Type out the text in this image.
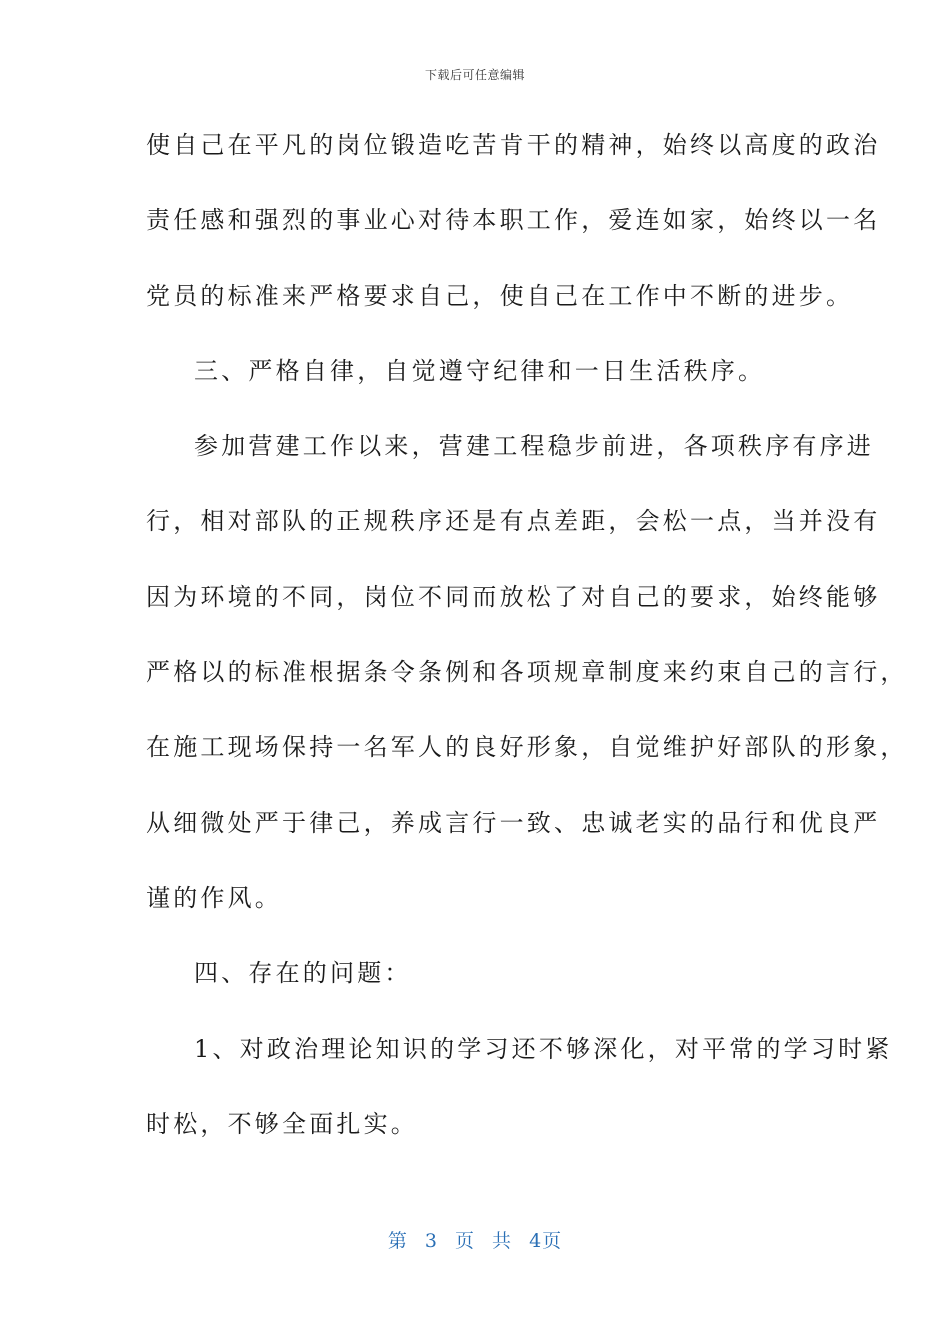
下载后可任意编辑
使自己在平凡的岗位锻造吃苦肯干的精神，始终以高度的政治
责任感和强烈的事业心对待本职工作，爱连如家，始终以一名
党员的标准来严格要求自己，使自己在工作中不断的进步。
三、严格自律，自觉遵守纪律和一日生活秩序。
参加营建工作以来，营建工程稳步前进，各项秩序有序进
行，相对部队的正规秩序还是有点差距，会松一点，当并没有
因为环境的不同，岗位不同而放松了对自己的要求，始终能够
严格以的标准根据条令条例和各项规章制度来约束自己的言行，
在施工现场保持一名军人的良好形象，自觉维护好部队的形象，
从细微处严于律己，养成言行一致、忠诚老实的品行和优良严
谨的作风。
四、存在的问题：
1、对政治理论知识的学习还不够深化，对平常的学习时紧
时松，不够全面扎实。
第 3 页 共 4页
